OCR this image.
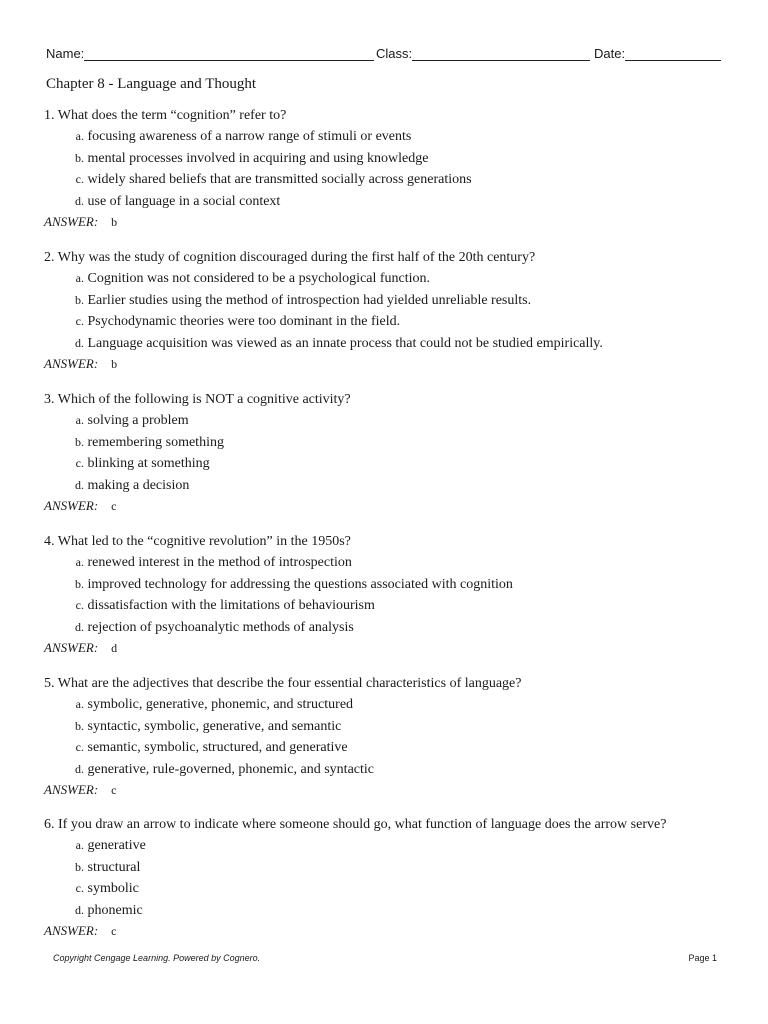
Name:	Class:	Date:
Chapter 8 - Language and Thought
1. What does the term “cognition” refer to?
a.
focusing awareness of a narrow range of stimuli or events
b.
mental processes involved in acquiring and using knowledge
c.
widely shared beliefs that are transmitted socially across generations
d.
use of language in a social context
ANSWER:	b
2. Why was the study of cognition discouraged during the first half of the 20th century?
a.
Cognition was not considered to be a psychological function.
b.
Earlier studies using the method of introspection had yielded unreliable results.
c.
Psychodynamic theories were too dominant in the field.
d.
Language acquisition was viewed as an innate process that could not be studied empirically.
ANSWER:	b
3. Which of the following is NOT a cognitive activity?
a.
solving a problem
b.
remembering something
c.
blinking at something
d.
making a decision
ANSWER:	c
4. What led to the “cognitive revolution” in the 1950s?
a.
renewed interest in the method of introspection
b.
improved technology for addressing the questions associated with cognition
c.
dissatisfaction with the limitations of behaviourism
d.
rejection of psychoanalytic methods of analysis
ANSWER:	d
5. What are the adjectives that describe the four essential characteristics of language?
a.
symbolic, generative, phonemic, and structured
b.
syntactic, symbolic, generative, and semantic
c.
semantic, symbolic, structured, and generative
d.
generative, rule-governed, phonemic, and syntactic
ANSWER:	c
6. If you draw an arrow to indicate where someone should go, what function of language does the arrow serve?
a.
generative
b.
structural
c.
symbolic
d.
phonemic
ANSWER:	c
Copyright Cengage Learning. Powered by Cognero.	Page 1
